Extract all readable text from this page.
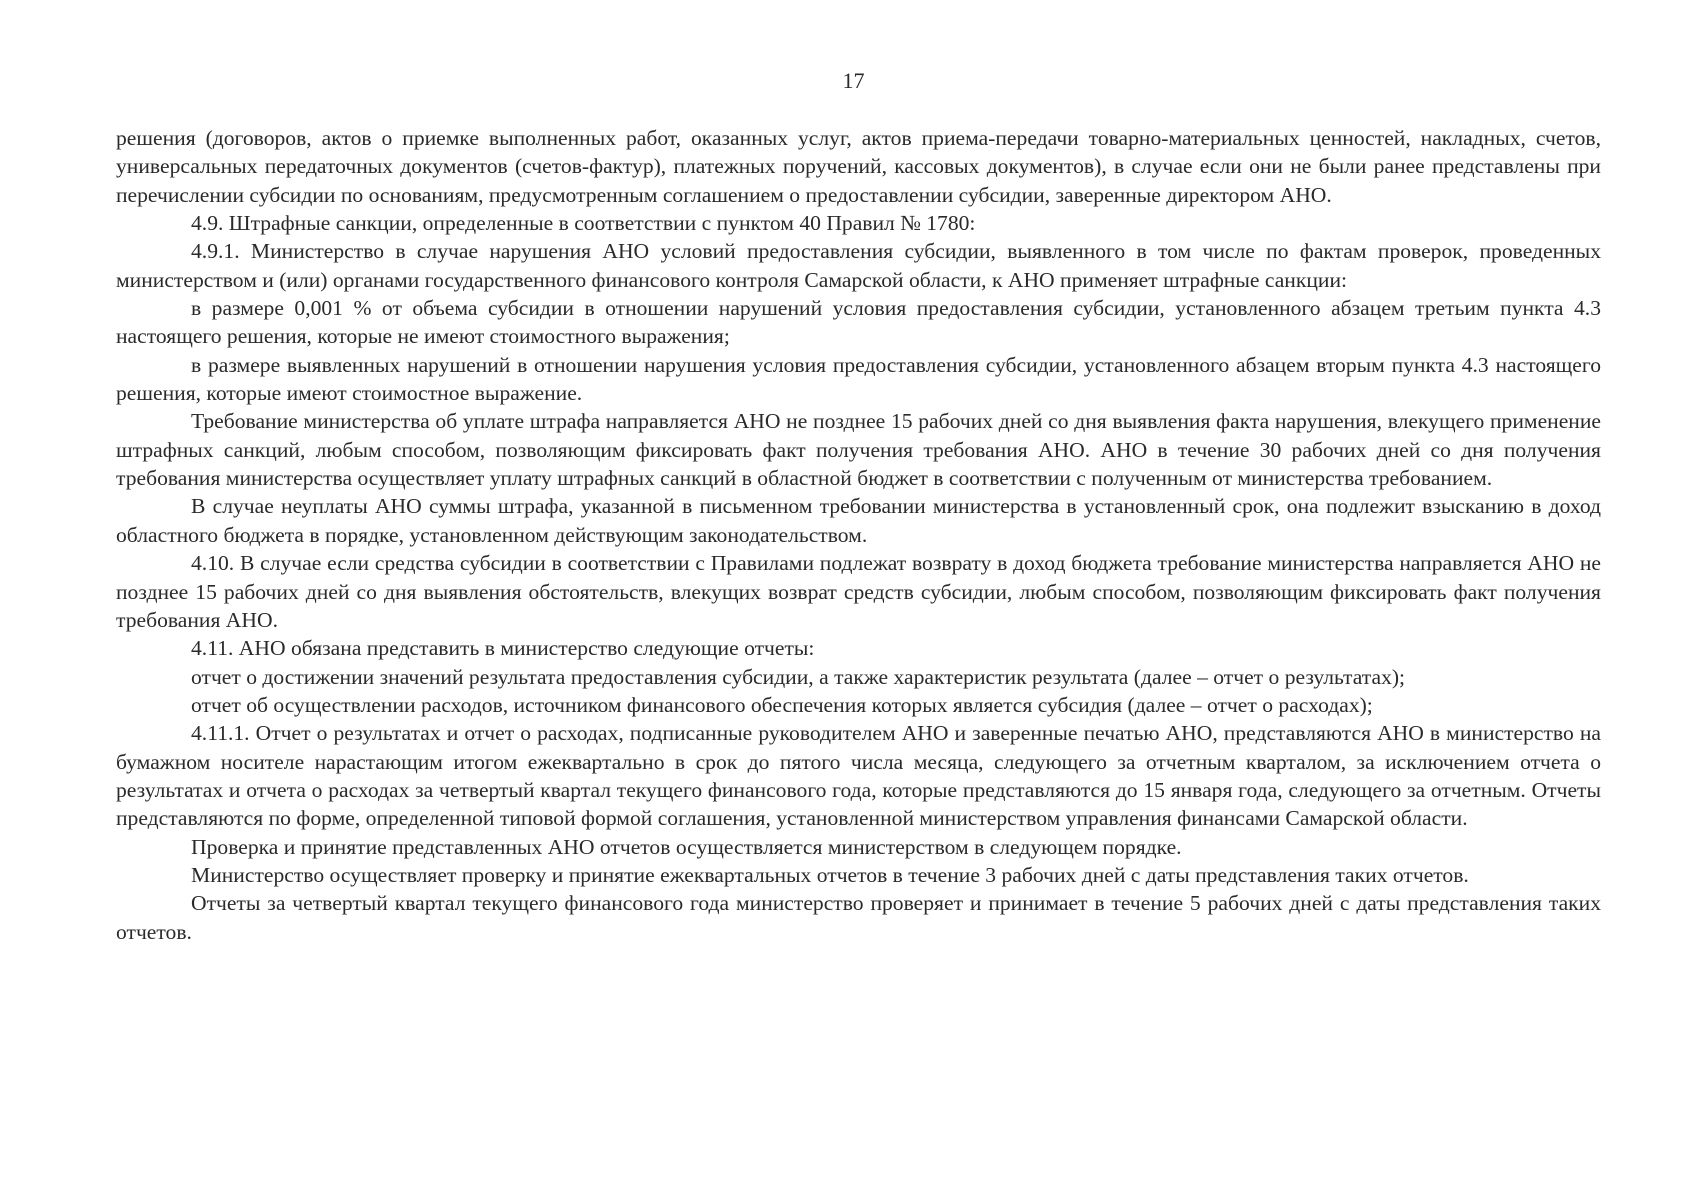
17

решения (договоров, актов о приемке выполненных работ, оказанных услуг, актов приема-передачи товарно-материальных ценностей, накладных, счетов, универсальных передаточных документов (счетов-фактур), платежных поручений, кассовых документов), в случае если они не были ранее представлены при перечислении субсидии по основаниям, предусмотренным соглашением о предоставлении субсидии, заверенные директором АНО.

4.9. Штрафные санкции, определенные в соответствии с пунктом 40 Правил № 1780:

4.9.1. Министерство в случае нарушения АНО условий предоставления субсидии, выявленного в том числе по фактам проверок, проведенных министерством и (или) органами государственного финансового контроля Самарской области, к АНО применяет штрафные санкции:

в размере 0,001 % от объема субсидии в отношении нарушений условия предоставления субсидии, установленного абзацем третьим пункта 4.3 настоящего решения, которые не имеют стоимостного выражения;

в размере выявленных нарушений в отношении нарушения условия предоставления субсидии, установленного абзацем вторым пункта 4.3 настоящего решения, которые имеют стоимостное выражение.

Требование министерства об уплате штрафа направляется АНО не позднее 15 рабочих дней со дня выявления факта нарушения, влекущего применение штрафных санкций, любым способом, позволяющим фиксировать факт получения требования АНО. АНО в течение 30 рабочих дней со дня получения требования министерства осуществляет уплату штрафных санкций в областной бюджет в соответствии с полученным от министерства требованием.

В случае неуплаты АНО суммы штрафа, указанной в письменном требовании министерства в установленный срок, она подлежит взысканию в доход областного бюджета в порядке, установленном действующим законодательством.

4.10. В случае если средства субсидии в соответствии с Правилами подлежат возврату в доход бюджета требование министерства направляется АНО не позднее 15 рабочих дней со дня выявления обстоятельств, влекущих возврат средств субсидии, любым способом, позволяющим фиксировать факт получения требования АНО.

4.11. АНО обязана представить в министерство следующие отчеты:

отчет о достижении значений результата предоставления субсидии, а также характеристик результата (далее – отчет о результатах);

отчет об осуществлении расходов, источником финансового обеспечения которых является субсидия (далее – отчет о расходах);

4.11.1. Отчет о результатах и отчет о расходах, подписанные руководителем АНО и заверенные печатью АНО, представляются АНО в министерство на бумажном носителе нарастающим итогом ежеквартально в срок до пятого числа месяца, следующего за отчетным кварталом, за исключением отчета о результатах и отчета о расходах за четвертый квартал текущего финансового года, которые представляются до 15 января года, следующего за отчетным. Отчеты представляются по форме, определенной типовой формой соглашения, установленной министерством управления финансами Самарской области.

Проверка и принятие представленных АНО отчетов осуществляется министерством в следующем порядке.

Министерство осуществляет проверку и принятие ежеквартальных отчетов в течение 3 рабочих дней с даты представления таких отчетов.

Отчеты за четвертый квартал текущего финансового года министерство проверяет и принимает в течение 5 рабочих дней с даты представления таких отчетов.
